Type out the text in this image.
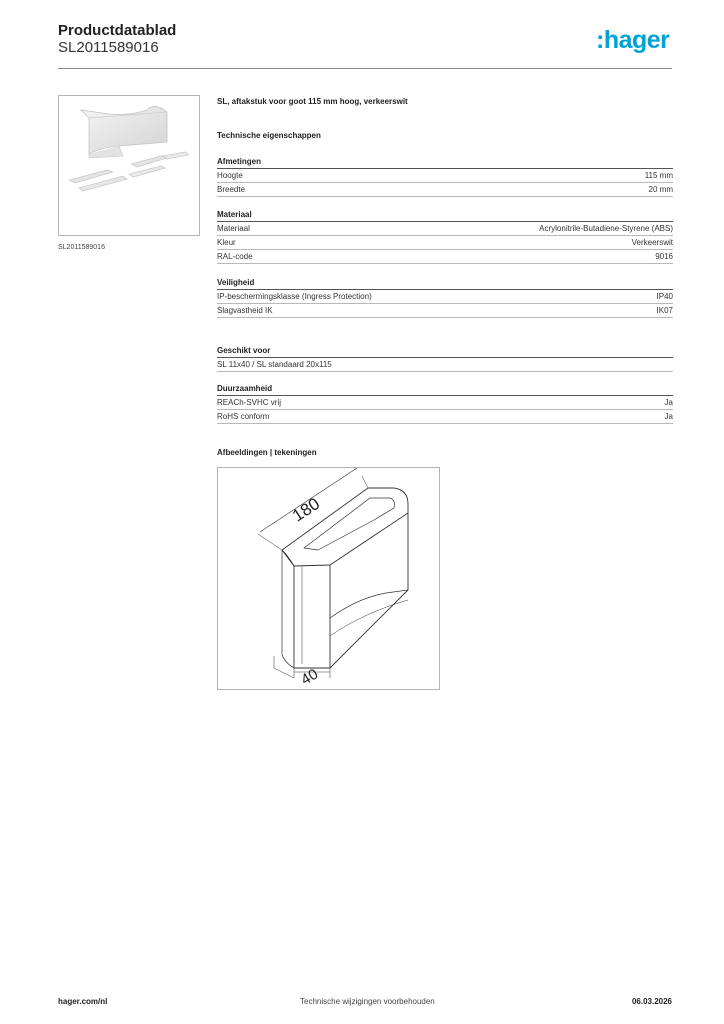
Productdatablad
SL2011589016	:hager
SL2011589016
SL, aftakstuk voor goot 115 mm hoog, verkeerswit
Technische eigenschappen
Afmetingen
Hoogte	115 mm
Breedte	20 mm
Materiaal
Materiaal	Acrylonitrile-Butadiene-Styrene (ABS)
Kleur	Verkeerswit
RAL-code	9016
Veiligheid
IP-beschermingsklasse (Ingress Protection)	IP40
Slagvastheid IK	IK07
Geschikt voor
SL 11x40 / SL standaard 20x115
Duurzaamheid
REACh-SVHC vrij	Ja
RoHS conform	Ja
Afbeeldingen | tekeningen
180
40
hager.com/nl	Technische wijzigingen voorbehouden	06.03.2026
